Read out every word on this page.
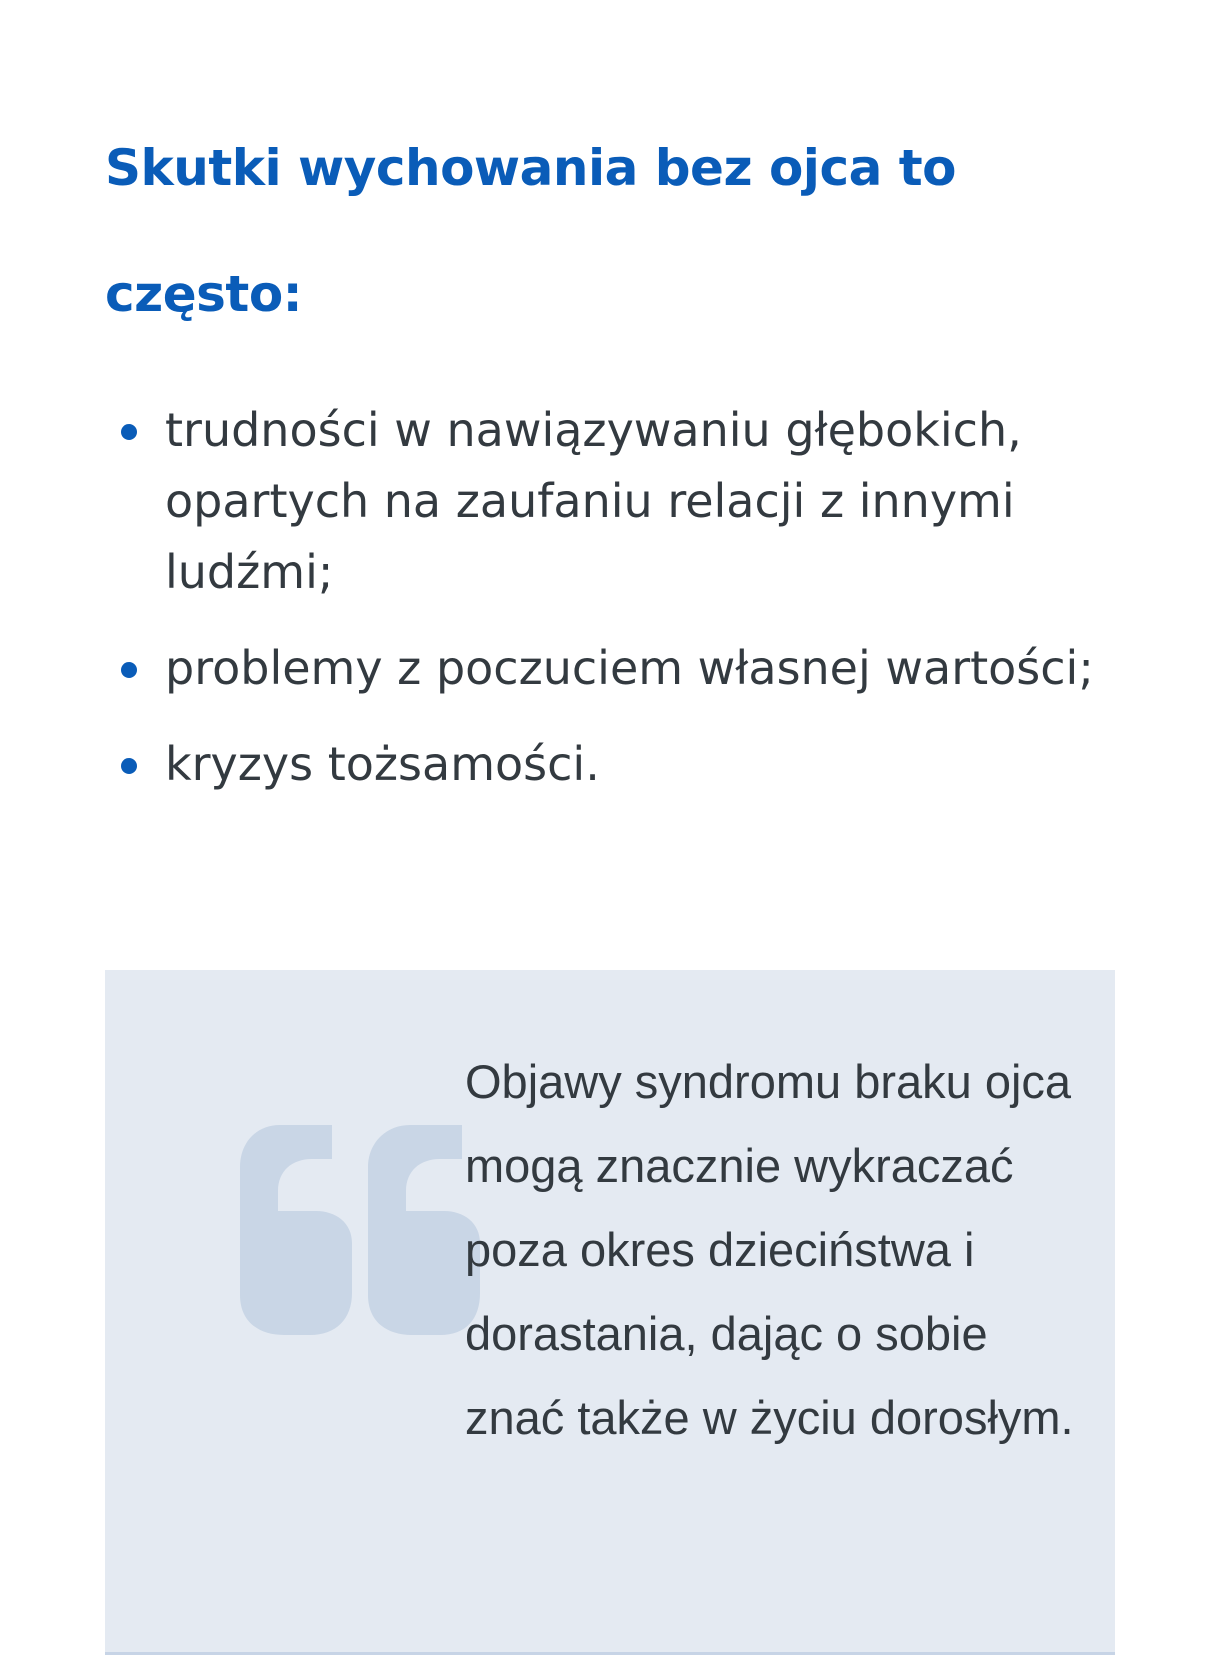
Skutki wychowania bez ojca to często:
trudności w nawiązywaniu głębokich, opartych na zaufaniu relacji z innymi ludźmi;
problemy z poczuciem własnej wartości;
kryzys tożsamości.

Objawy syndromu braku ojca mogą znacznie wykraczać poza okres dzieciństwa i dorastania, dając o sobie znać także w życiu dorosłym.
